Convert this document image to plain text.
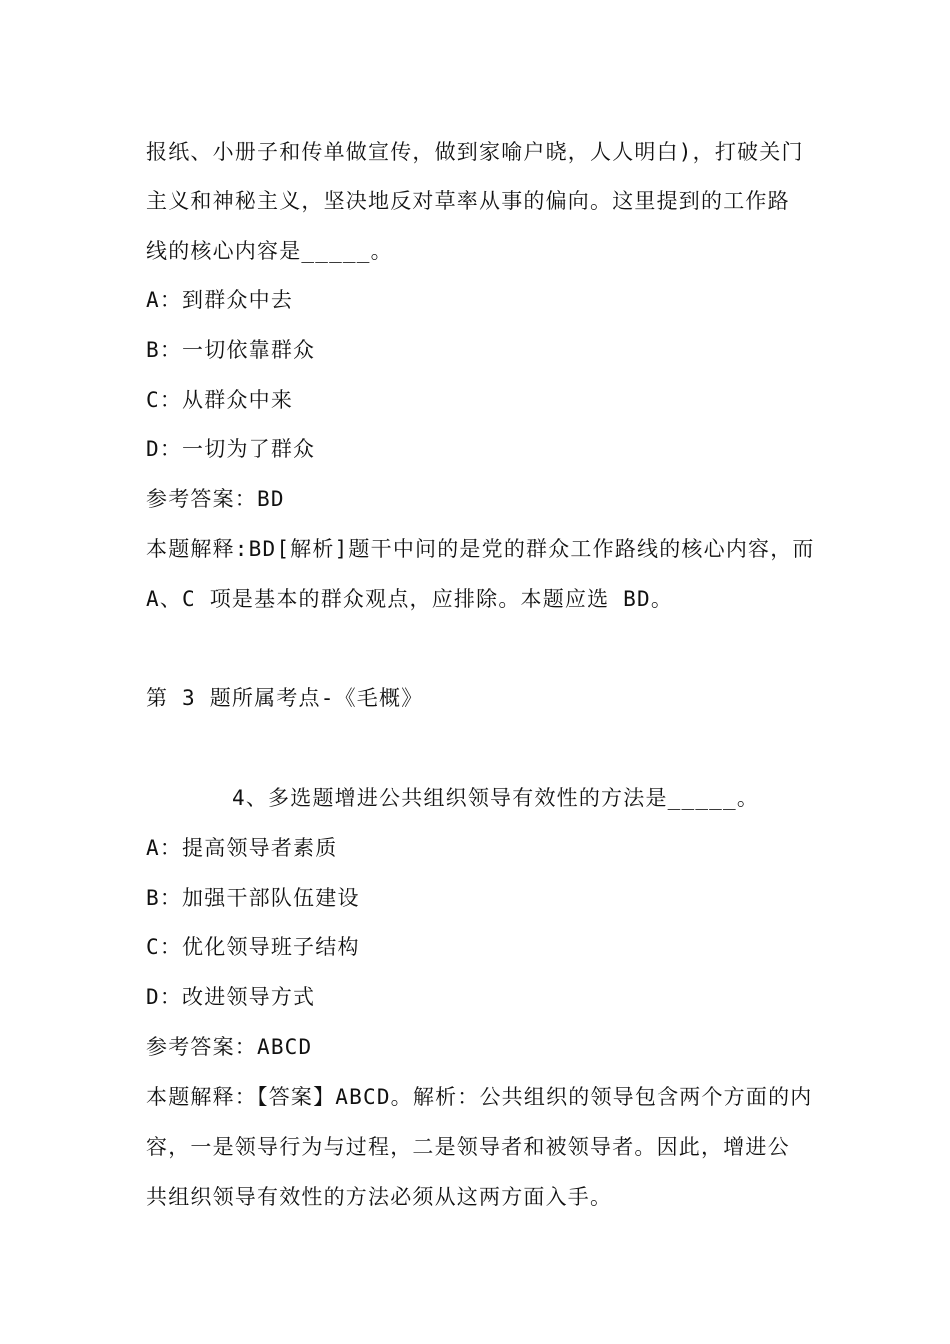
报纸、小册子和传单做宣传，做到家喻户晓，人人明白)，打破关门
主义和神秘主义，坚决地反对草率从事的偏向。这里提到的工作路
线的核心内容是_____。
A：到群众中去
B：一切依靠群众
C：从群众中来
D：一切为了群众
参考答案：BD
本题解释:BD[解析]题干中问的是党的群众工作路线的核心内容，而
A、C 项是基本的群众观点，应排除。本题应选 BD。
第 3 题所属考点-《毛概》
4、多选题增进公共组织领导有效性的方法是_____。
A：提高领导者素质
B：加强干部队伍建设
C：优化领导班子结构
D：改进领导方式
参考答案：ABCD
本题解释：【答案】ABCD。解析：公共组织的领导包含两个方面的内
容，一是领导行为与过程，二是领导者和被领导者。因此，增进公
共组织领导有效性的方法必须从这两方面入手。
